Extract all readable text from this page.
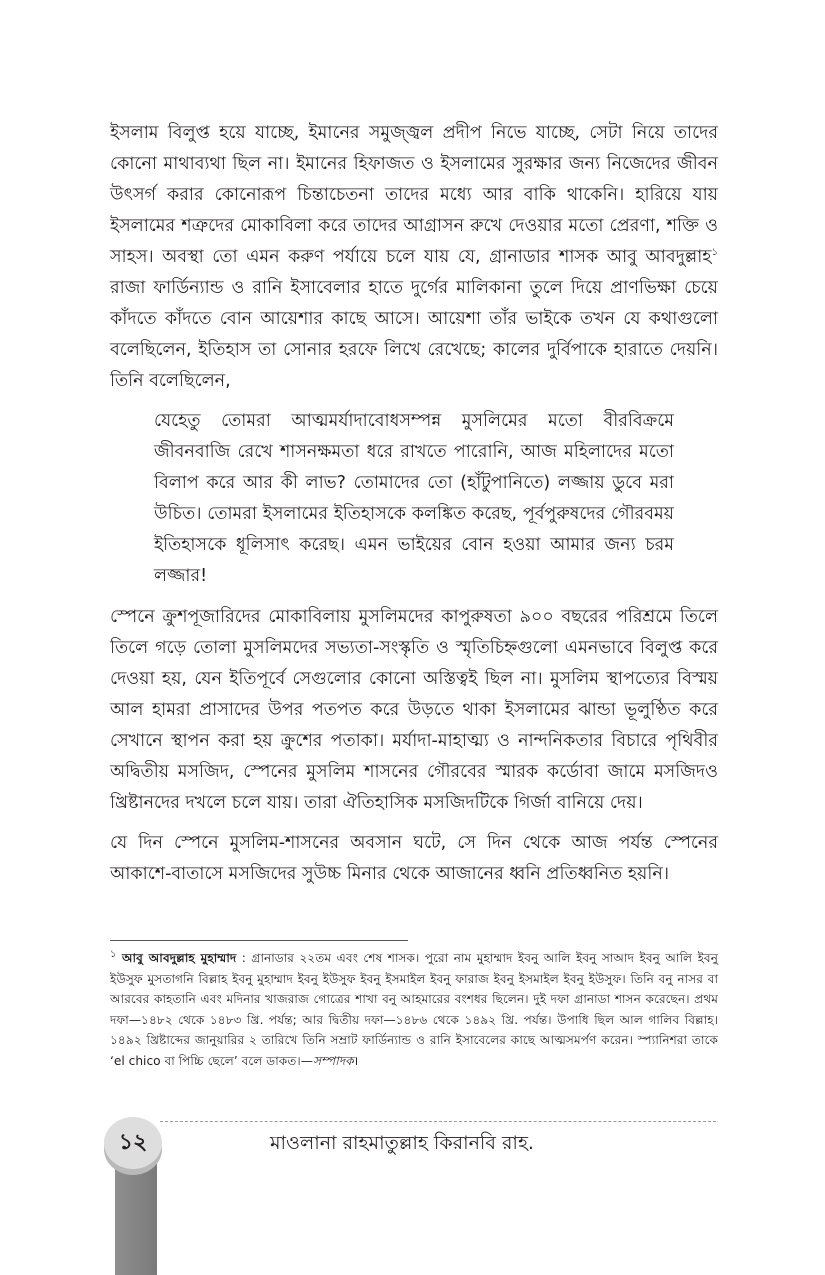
ইসলাম বিলুপ্ত হয়ে যাচ্ছে, ইমানের সমুজ্জ্বল প্রদীপ নিভে যাচ্ছে, সেটা নিয়ে তাদের কোনো মাথাব্যথা ছিল না। ইমানের হিফাজত ও ইসলামের সুরক্ষার জন্য নিজেদের জীবন উৎসর্গ করার কোনোরূপ চিন্তাচেতনা তাদের মধ্যে আর বাকি থাকেনি। হারিয়ে যায় ইসলামের শত্রুদের মোকাবিলা করে তাদের আগ্রাসন রুখে দেওয়ার মতো প্রেরণা, শক্তি ও সাহস। অবস্থা তো এমন করুণ পর্যায়ে চলে যায় যে, গ্রানাডার শাসক আবু আবদুল্লাহ$^১$ রাজা ফার্ডিন্যান্ড ও রানি ইসাবেলার হাতে দুর্গের মালিকানা তুলে দিয়ে প্রাণভিক্ষা চেয়ে কাঁদতে কাঁদতে বোন আয়েশার কাছে আসে। আয়েশা তাঁর ভাইকে তখন যে কথাগুলো বলেছিলেন, ইতিহাস তা সোনার হরফে লিখে রেখেছে; কালের দুর্বিপাকে হারাতে দেয়নি। তিনি বলেছিলেন,

যেহেতু তোমরা আত্মমর্যাদাবোধসম্পন্ন মুসলিমের মতো বীরবিক্রমে জীবনবাজি রেখে শাসনক্ষমতা ধরে রাখতে পারোনি, আজ মহিলাদের মতো বিলাপ করে আর কী লাভ? তোমাদের তো (হাঁটুপানিতে) লজ্জায় ডুবে মরা উচিত। তোমরা ইসলামের ইতিহাসকে কলঙ্কিত করেছ, পূর্বপুরুষদের গৌরবময় ইতিহাসকে ধূলিসাৎ করেছ। এমন ভাইয়ের বোন হওয়া আমার জন্য চরম লজ্জার!

স্পেনে ক্রুশপূজারিদের মোকাবিলায় মুসলিমদের কাপুরুষতা ৯০০ বছরের পরিশ্রমে তিলে তিলে গড়ে তোলা মুসলিমদের সভ্যতা-সংস্কৃতি ও স্মৃতিচিহ্নগুলো এমনভাবে বিলুপ্ত করে দেওয়া হয়, যেন ইতিপূর্বে সেগুলোর কোনো অস্তিত্বই ছিল না। মুসলিম স্থাপত্যের বিস্ময় আল হামরা প্রাসাদের উপর পতপত করে উড়তে থাকা ইসলামের ঝান্ডা ভূলুণ্ঠিত করে সেখানে স্থাপন করা হয় ক্রুশের পতাকা। মর্যাদা-মাহাত্ম্য ও নান্দনিকতার বিচারে পৃথিবীর অদ্বিতীয় মসজিদ, স্পেনের মুসলিম শাসনের গৌরবের স্মারক কর্ডোবা জামে মসজিদও খ্রিষ্টানদের দখলে চলে যায়। তারা ঐতিহাসিক মসজিদটিকে গির্জা বানিয়ে দেয়।

যে দিন স্পেনে মুসলিম-শাসনের অবসান ঘটে, সে দিন থেকে আজ পর্যন্ত স্পেনের আকাশে-বাতাসে মসজিদের সুউচ্চ মিনার থেকে আজানের ধ্বনি প্রতিধ্বনিত হয়নি।

$^১$ আবু আবদুল্লাহ মুহাম্মাদ : গ্রানাডার ২২তম এবং শেষ শাসক। পুরো নাম মুহাম্মাদ ইবনু আলি ইবনু সাআদ ইবনু আলি ইবনু ইউসুফ মুসতাগনি বিল্লাহ ইবনু মুহাম্মাদ ইবনু ইউসুফ ইবনু ইসমাইল ইবনু ফারাজ ইবনু ইসমাইল ইবনু ইউসুফ। তিনি বনু নাসর বা আরবের কাহতানি এবং মদিনার খাজরাজ গোত্রের শাখা বনু আহমারের বংশধর ছিলেন। দুই দফা গ্রানাডা শাসন করেছেন। প্রথম দফা—১৪৮২ থেকে ১৪৮৩ খ্রি. পর্যন্ত; আর দ্বিতীয় দফা—১৪৮৬ থেকে ১৪৯২ খ্রি. পর্যন্ত। উপাধি ছিল আল গালিব বিল্লাহ। ১৪৯২ খ্রিষ্টাব্দের জানুয়ারির ২ তারিখে তিনি সম্রাট ফার্ডিন্যান্ড ও রানি ইসাবেলের কাছে আত্মসমর্পণ করেন। স্প্যানিশরা তাকে ‘el chico বা পিচ্চি ছেলে’ বলে ডাকত।—সম্পাদক।
১২	মাওলানা রাহমাতুল্লাহ কিরানবি রাহ.
